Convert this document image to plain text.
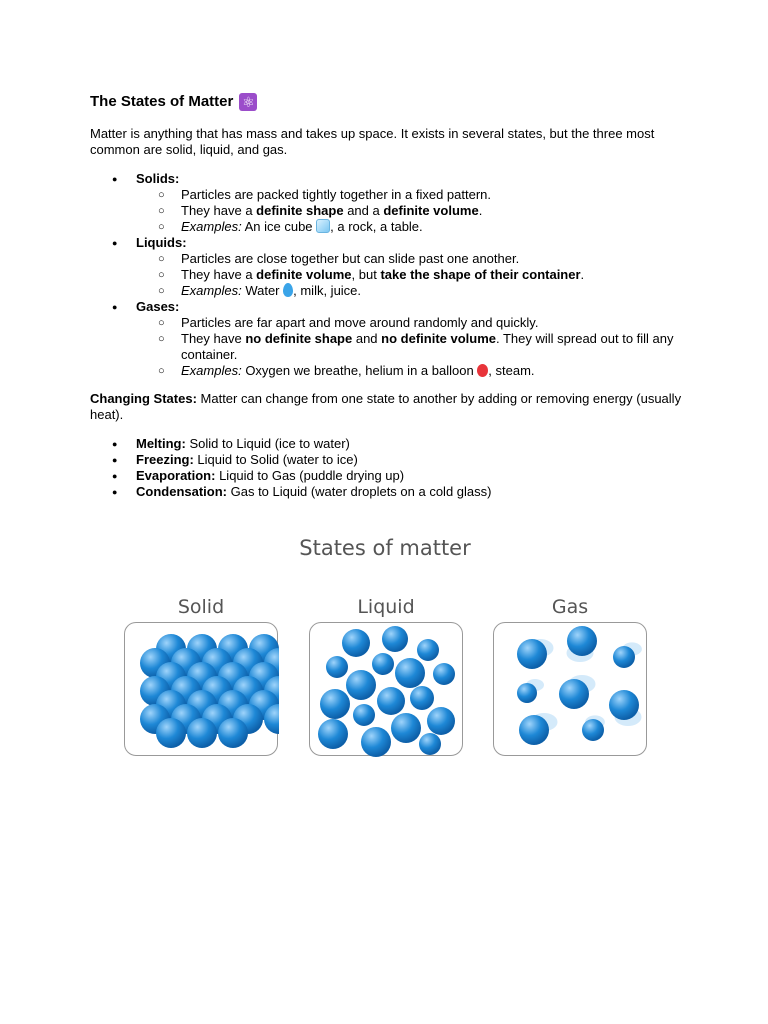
The States of Matter ⚛

Matter is anything that has mass and takes up space. It exists in several states, but the three most common are solid, liquid, and gas.

● Solids:
○ Particles are packed tightly together in a fixed pattern.
○ They have a definite shape and a definite volume.
○ Examples: An ice cube , a rock, a table.
● Liquids:
○ Particles are close together but can slide past one another.
○ They have a definite volume, but take the shape of their container.
○ Examples: Water , milk, juice.
● Gases:
○ Particles are far apart and move around randomly and quickly.
○ They have no definite shape and no definite volume. They will spread out to fill any container.
○ Examples: Oxygen we breathe, helium in a balloon , steam.

Changing States: Matter can change from one state to another by adding or removing energy (usually heat).

● Melting: Solid to Liquid (ice to water)
● Freezing: Liquid to Solid (water to ice)
● Evaporation: Liquid to Gas (puddle drying up)
● Condensation: Gas to Liquid (water droplets on a cold glass)
States of matter
Solid	Liquid	Gas
